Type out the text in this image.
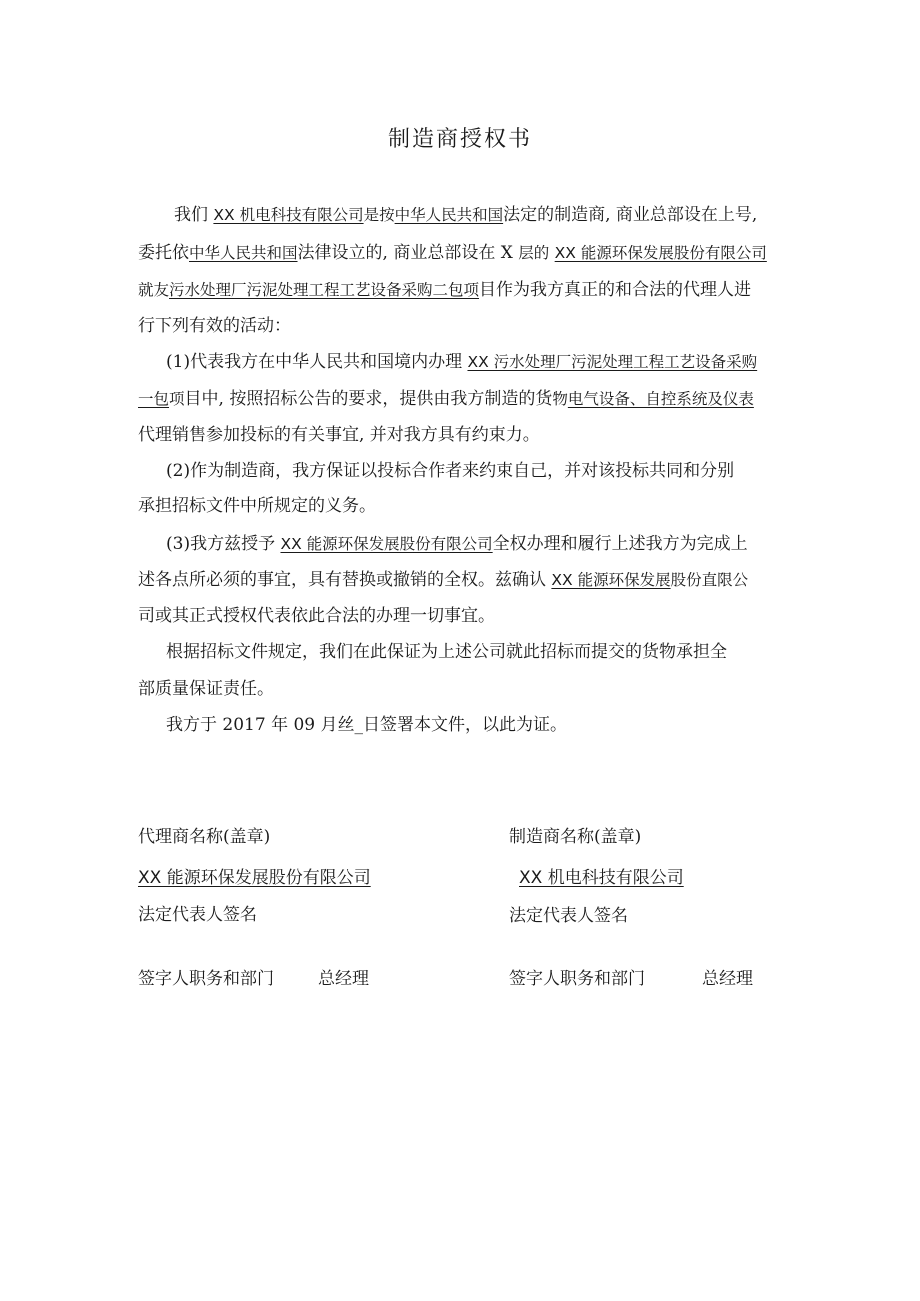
制造商授权书
我们 XX 机电科技有限公司是按中华人民共和国法定的制造商, 商业总部设在上号,
委托依中华人民共和国法律设立的, 商业总部设在 X 层的 XX 能源环保发展股份有限公司
就友污水处理厂污泥处理工程工艺设备采购二包项目作为我方真正的和合法的代理人进
行下列有效的活动：
(1)代表我方在中华人民共和国境内办理 XX 污水处理厂污泥处理工程工艺设备采购
一包项目中, 按照招标公告的要求，提供由我方制造的货物电气设备、自控系统及仪表
代理销售参加投标的有关事宜, 并对我方具有约束力。
(2)作为制造商，我方保证以投标合作者来约束自己，并对该投标共同和分别
承担招标文件中所规定的义务。
(3)我方兹授予 XX 能源环保发展股份有限公司全权办理和履行上述我方为完成上
述各点所必须的事宜，具有替换或撤销的全权。兹确认 XX 能源环保发展股份直限公
司或其正式授权代表依此合法的办理一切事宜。
根据招标文件规定，我们在此保证为上述公司就此招标而提交的货物承担全
部质量保证责任。
我方于 2017 年 09 月丝_日签署本文件，以此为证。
代理商名称(盖章)
XX 能源环保发展股份有限公司
法定代表人签名
签字人职务和部门	总经理
制造商名称(盖章)
XX 机电科技有限公司
法定代表人签名
签字人职务和部门	总经理
